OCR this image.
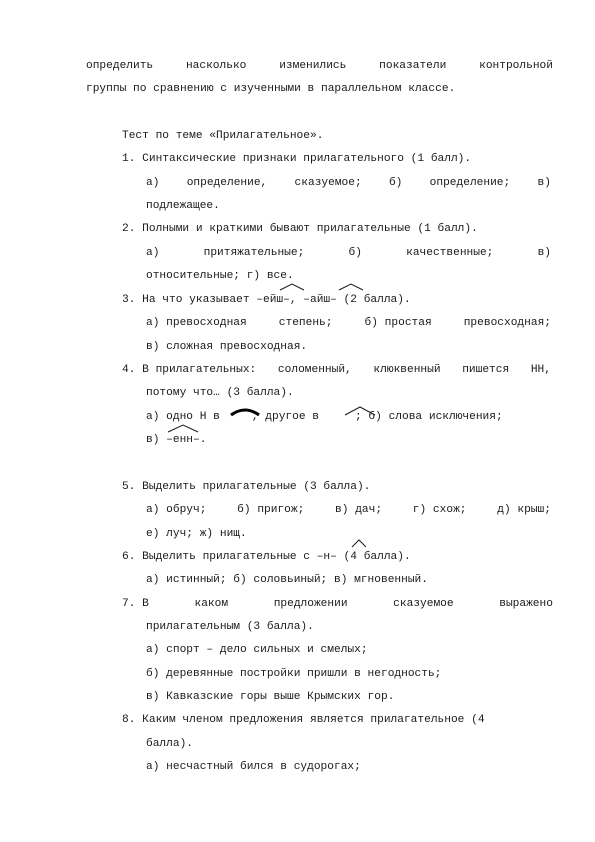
определить	насколько	изменились	показатели	контрольной
группы по сравнению с изученными в параллельном классе.
Тест по теме «Прилагательное».
1. Синтаксические признаки прилагательного (1 балл).
а) определение, сказуемое; б) определение; в)
подлежащее.
2. Полными и краткими бывают прилагательные (1 балл).
а)	притяжательные;	б)	качественные;	в)
относительные; г) все.
3. На что указывает –ейш–, –айш– (2 балла).
а) превосходная	степень;	б) простая	превосходная;
в) сложная превосходная.
4. В прилагательных: соломенный, клюквенный пишется НН,
потому что… (3 балла).
а) одно Н в	, другое в	; б) слова исключения;
в) –енн–.
5. Выделить прилагательные (3 балла).
а) обруч;	б) пригож;	в) дач;	г) схож;	д) крыш;
е) луч; ж) нищ.
6. Выделить прилагательные с –н– (4 балла).
а) истинный; б) соловьиный; в) мгновенный.
7. В	каком	предложении	сказуемое	выражено
прилагательным (3 балла).
а) спорт – дело сильных и смелых;
б) деревянные постройки пришли в негодность;
в) Кавказские горы выше Крымских гор.
8. Каким членом предложения является прилагательное (4
балла).
а) несчастный бился в судорогах;
